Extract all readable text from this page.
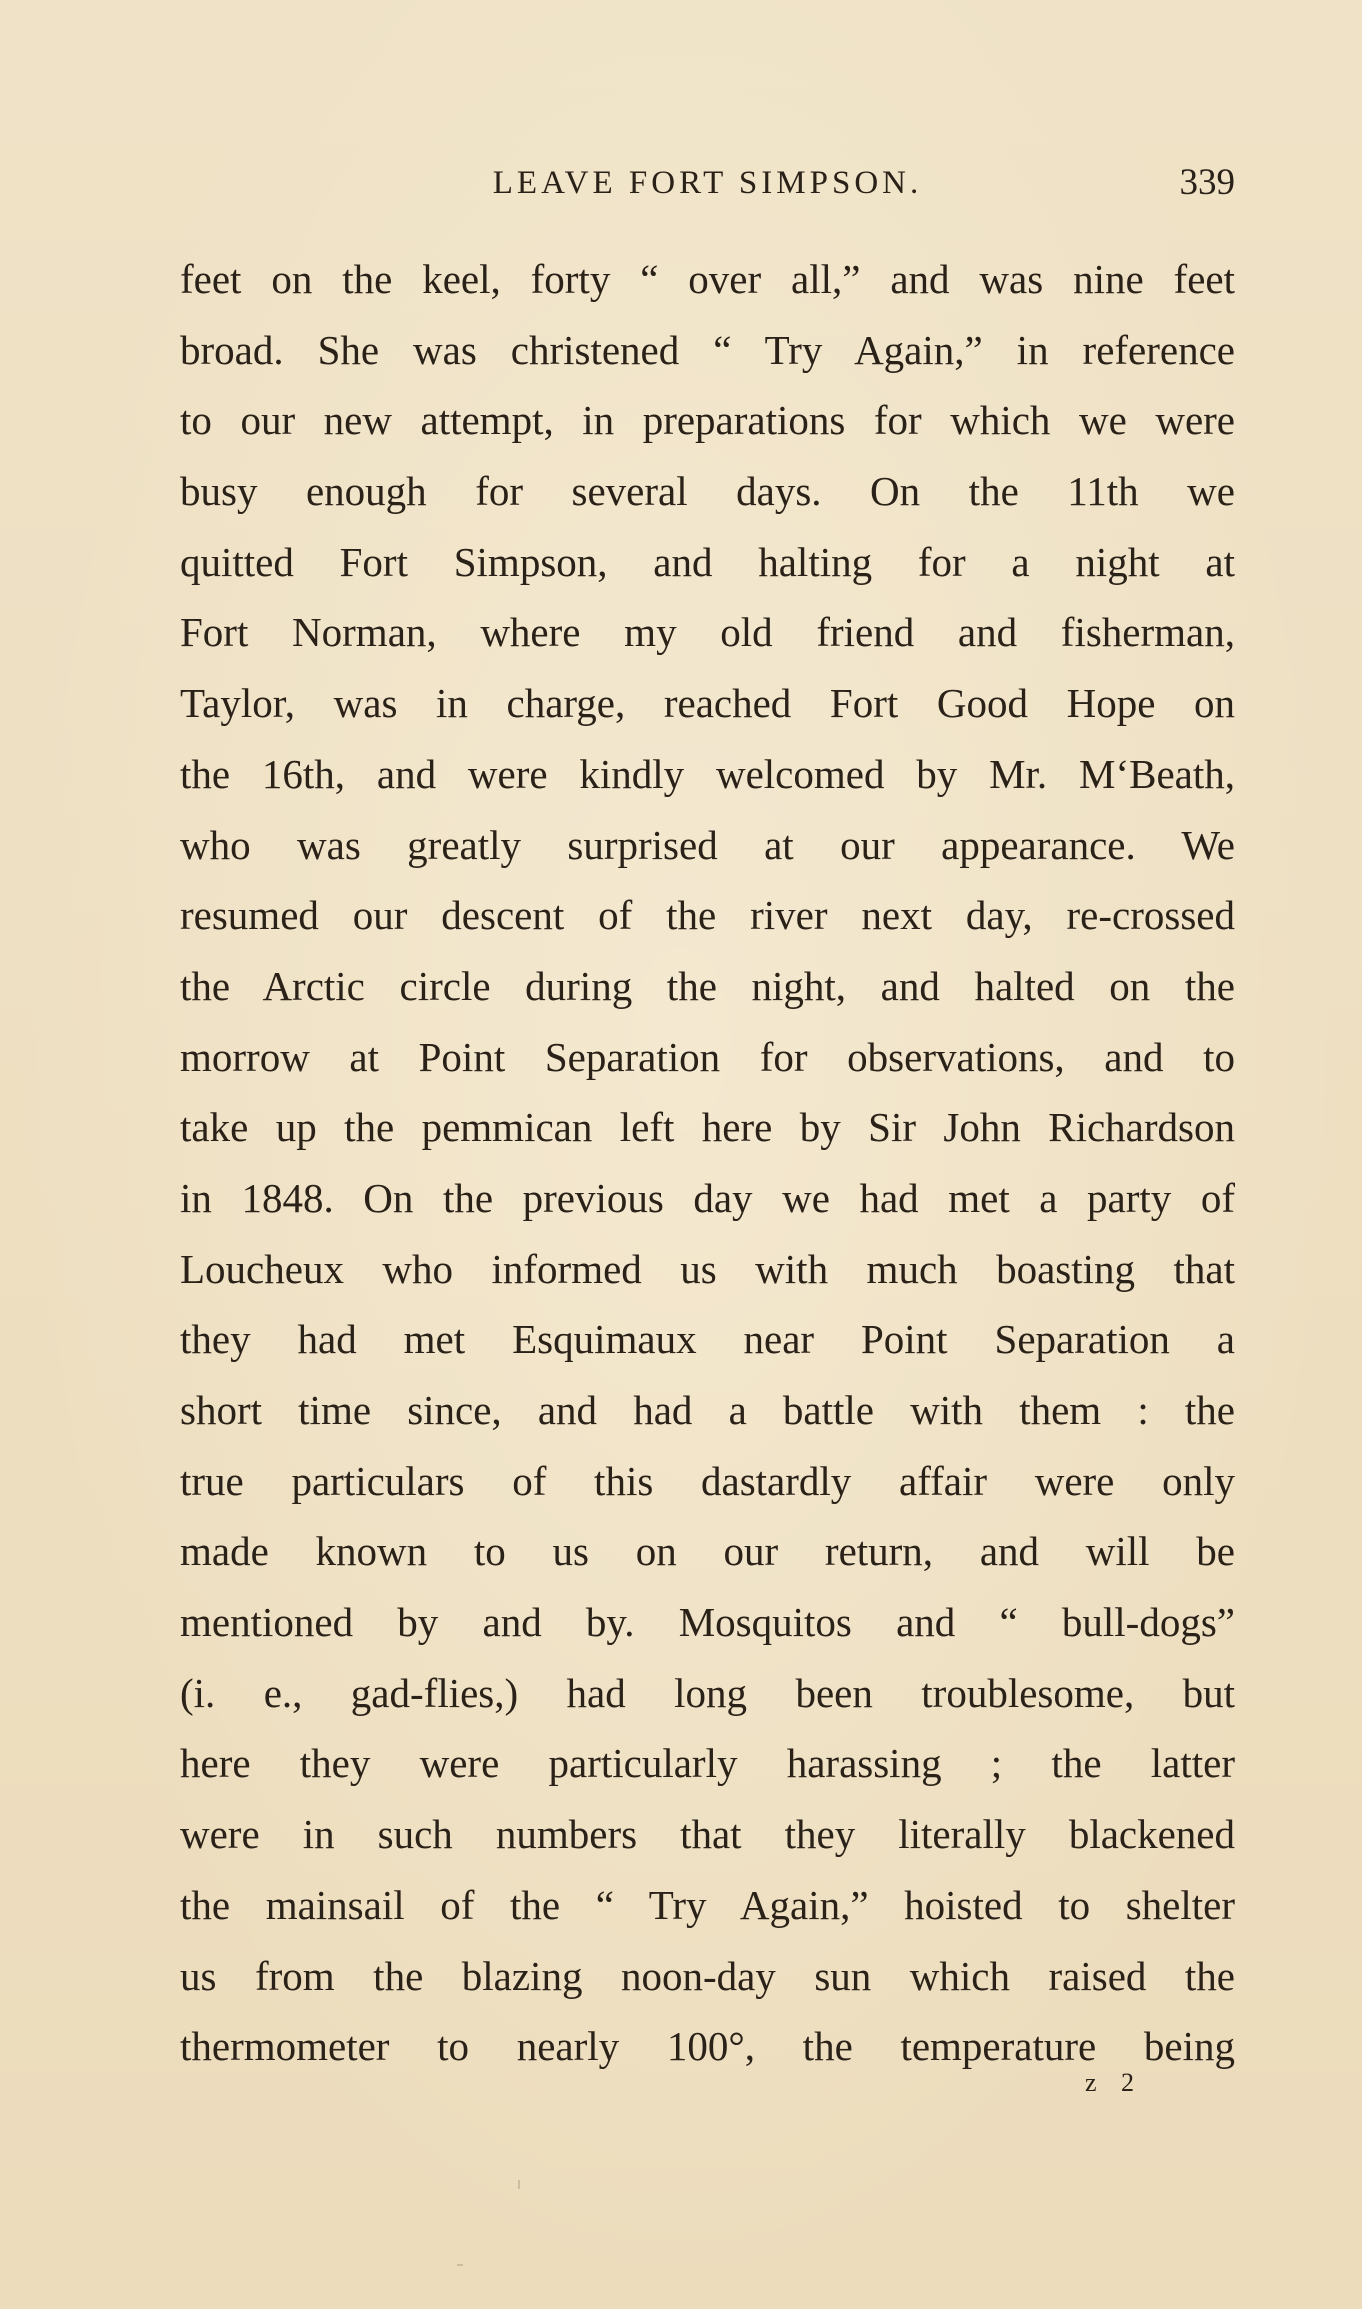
LEAVE FORT SIMPSON.	339
feet on the keel, forty “ over all,” and was nine feet
broad. She was christened “ Try Again,” in reference
to our new attempt, in preparations for which we were
busy enough for several days. On the 11th we
quitted Fort Simpson, and halting for a night at
Fort Norman, where my old friend and fisherman,
Taylor, was in charge, reached Fort Good Hope on
the 16th, and were kindly welcomed by Mr. M‘Beath,
who was greatly surprised at our appearance. We
resumed our descent of the river next day, re-crossed
the Arctic circle during the night, and halted on the
morrow at Point Separation for observations, and to
take up the pemmican left here by Sir John Richardson
in 1848. On the previous day we had met a party of
Loucheux who informed us with much boasting that
they had met Esquimaux near Point Separation a
short time since, and had a battle with them : the
true particulars of this dastardly affair were only
made known to us on our return, and will be
mentioned by and by. Mosquitos and “ bull-dogs”
(i. e., gad-flies,) had long been troublesome, but
here they were particularly harassing ; the latter
were in such numbers that they literally blackened
the mainsail of the “ Try Again,” hoisted to shelter
us from the blazing noon-day sun which raised the
thermometer to nearly 100°, the temperature being
z 2
